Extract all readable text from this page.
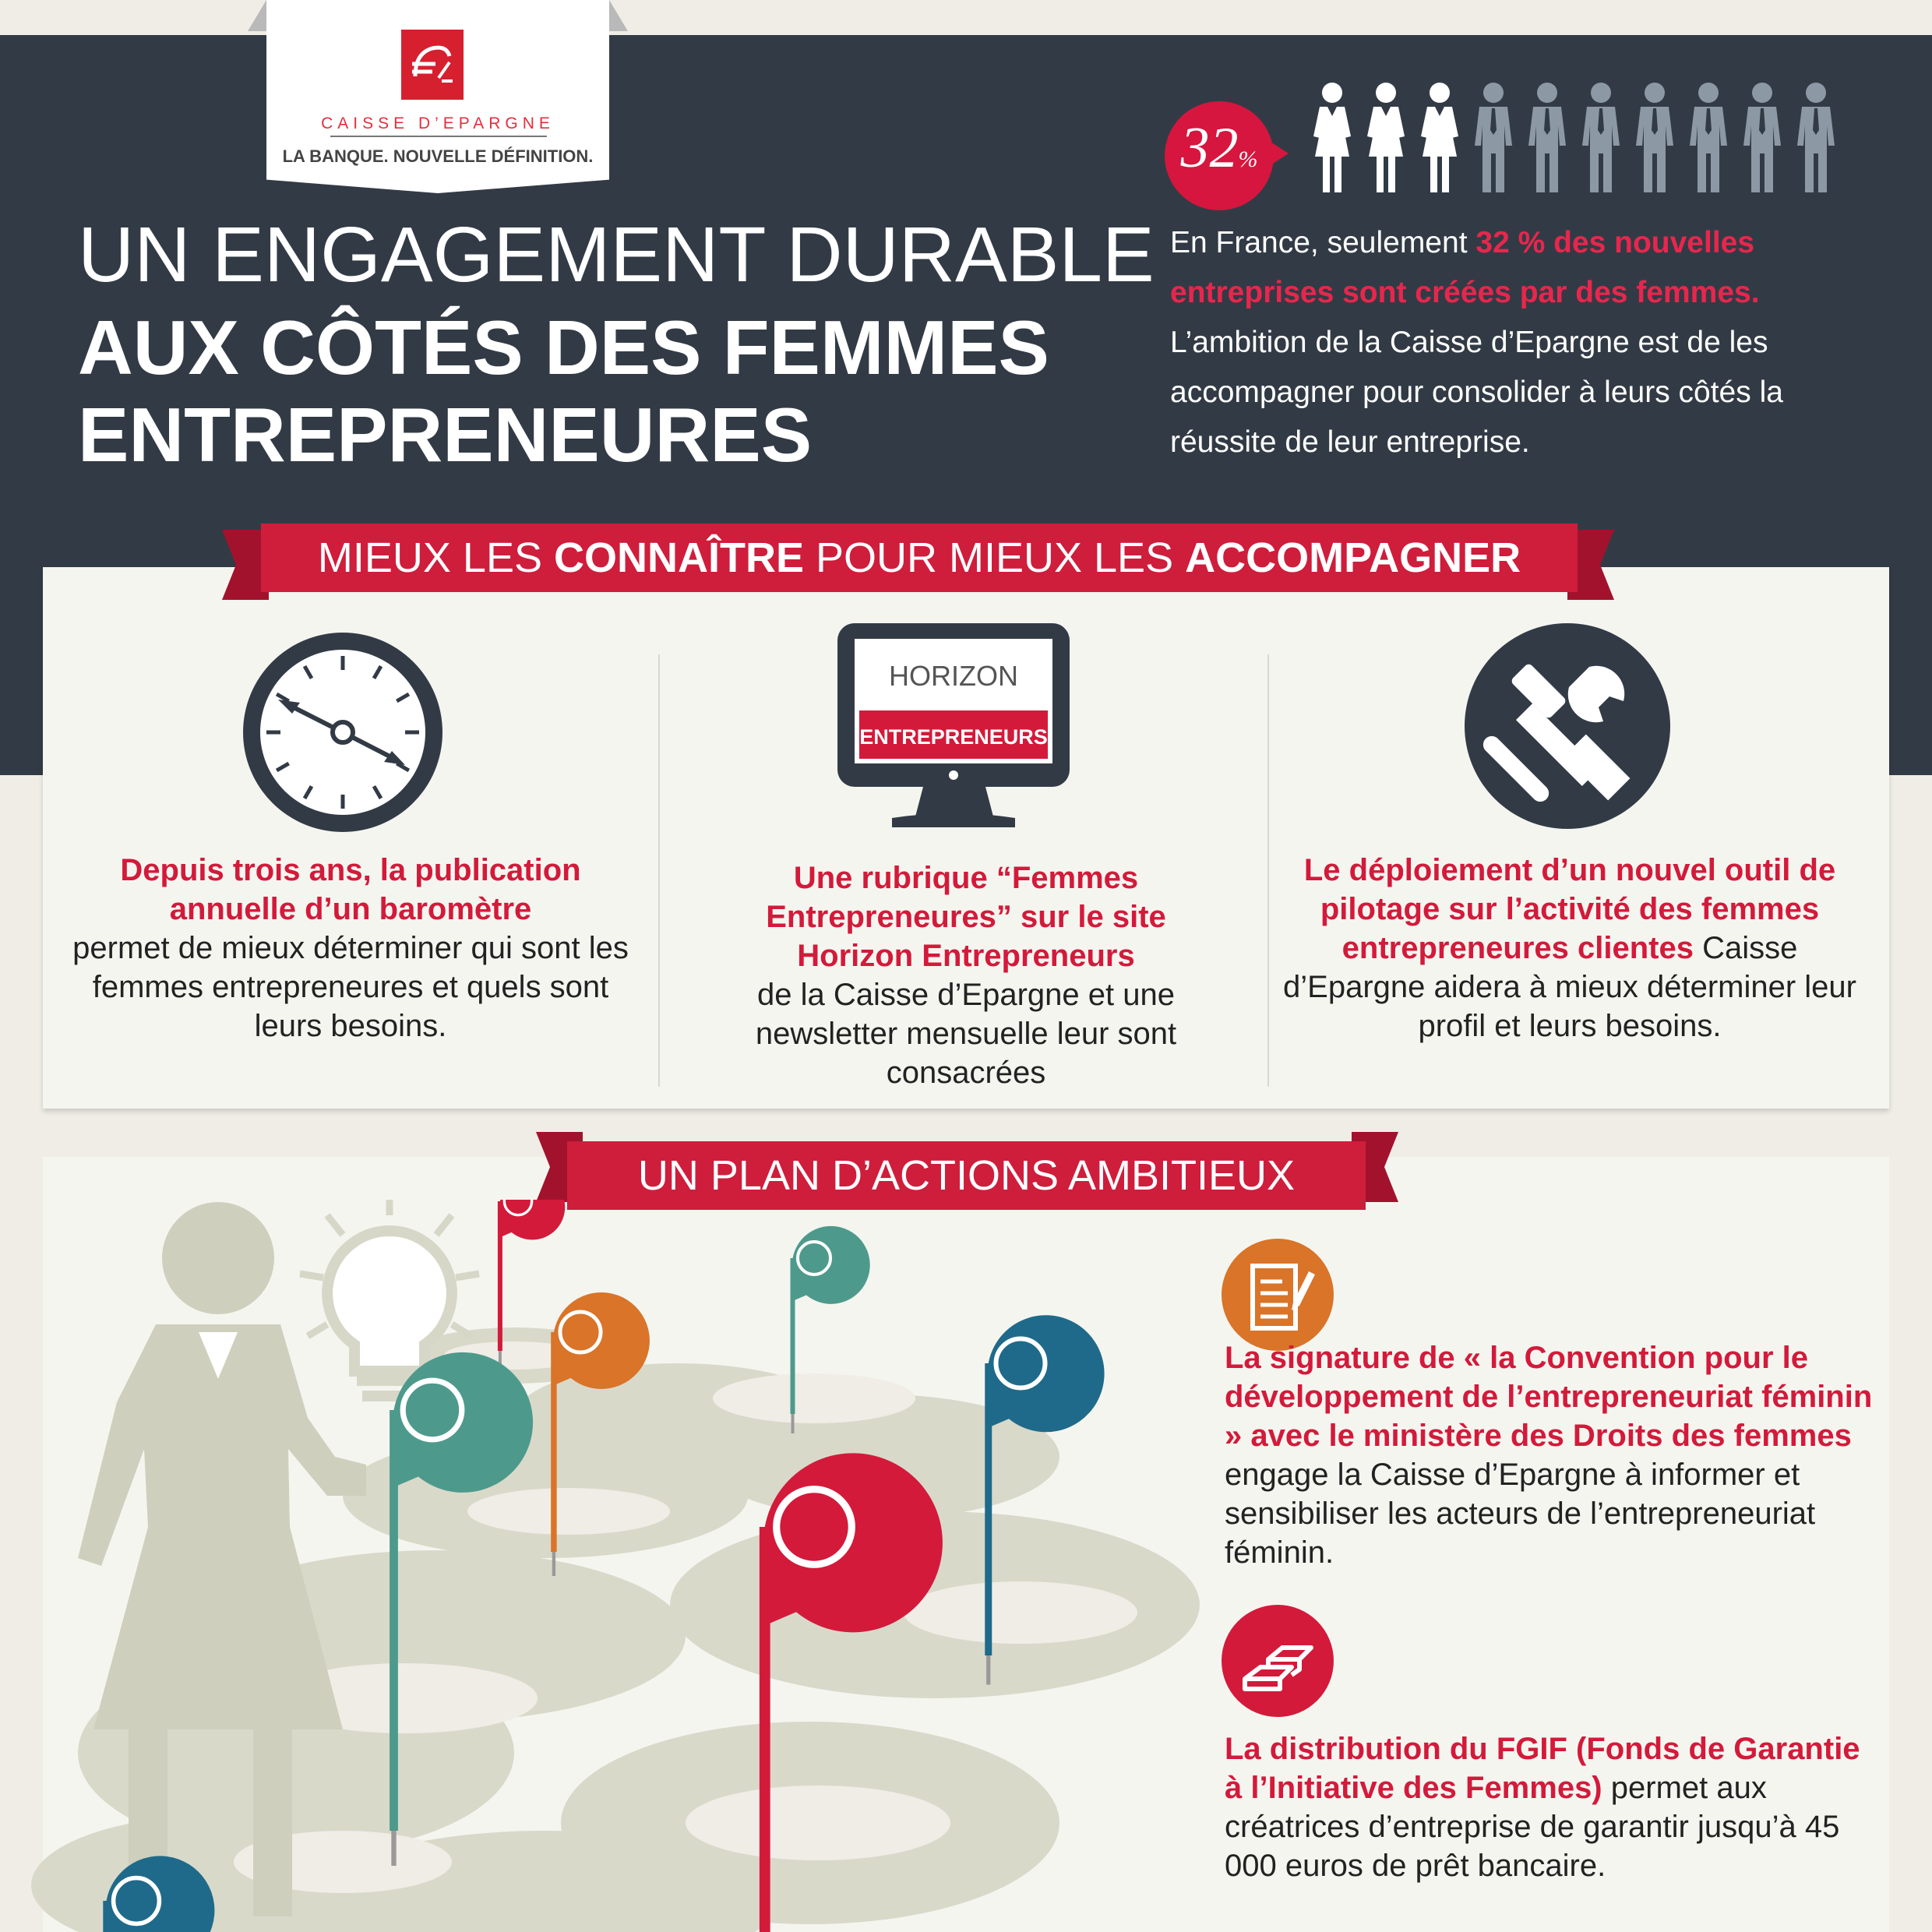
CAISSE D’EPARGNE
LA BANQUE. NOUVELLE DÉFINITION.
UN ENGAGEMENT DURABLE
AUX CÔTÉS DES FEMMES
ENTREPRENEURES
32%
En France, seulement 32 % des nouvelles entreprises sont créées par des femmes. L’ambition de la Caisse d’Epargne est de les accompagner pour consolider à leurs côtés la réussite de leur entreprise.
MIEUX LES CONNAÎTRE POUR MIEUX LES ACCOMPAGNER
HORIZON
ENTREPRENEURS
Depuis trois ans, la publication annuelle d’un baromètre
permet de mieux déterminer qui sont les femmes entrepreneures et quels sont leurs besoins.
Une rubrique “Femmes Entrepreneures” sur le site Horizon Entrepreneurs
de la Caisse d’Epargne et une newsletter mensuelle leur sont consacrées
Le déploiement d’un nouvel outil de pilotage sur l’activité des femmes entrepreneures clientes Caisse d’Epargne aidera à mieux déterminer leur profil et leurs besoins.
UN PLAN D’ACTIONS AMBITIEUX
La signature de « la Convention pour le développement de l’entrepreneuriat féminin » avec le ministère des Droits des femmes engage la Caisse d’Epargne à informer et sensibiliser les acteurs de l’entrepreneuriat féminin.
La distribution du FGIF (Fonds de Garantie à l’Initiative des Femmes) permet aux créatrices d’entreprise de garantir jusqu’à 45 000 euros de prêt bancaire.
